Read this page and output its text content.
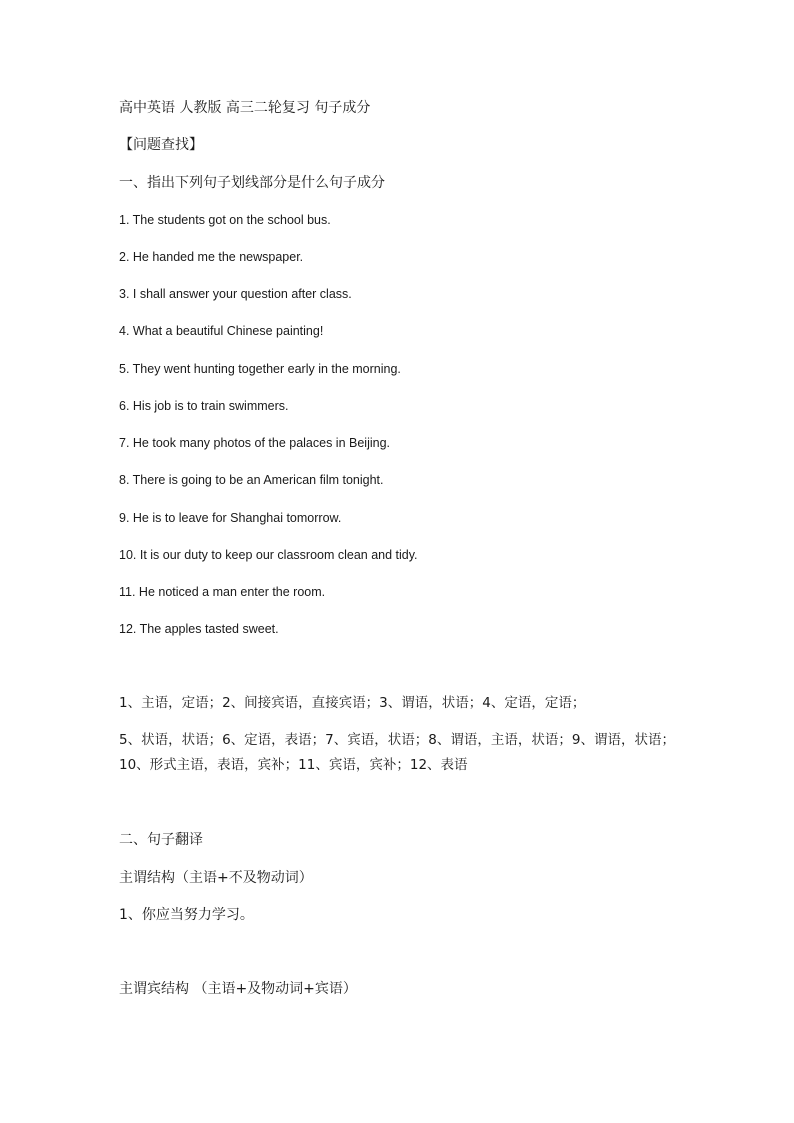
高中英语 人教版 高三二轮复习 句子成分
【问题查找】
一、指出下列句子划线部分是什么句子成分
1. The students got on the school bus.
2. He handed me the newspaper.
3. I shall answer your question after class.
4. What a beautiful Chinese painting!
5. They went hunting together early in the morning.
6. His job is to train swimmers.
7. He took many photos of the palaces in Beijing.
8. There is going to be an American film tonight.
9. He is to leave for Shanghai tomorrow.
10. It is our duty to keep our classroom clean and tidy.
11. He noticed a man enter the room.
12. The apples tasted sweet.
1、主语，定语；2、间接宾语，直接宾语；3、谓语，状语；4、定语，定语；
5、状语，状语；6、定语，表语；7、宾语，状语；8、谓语，主语，状语；9、谓语，状语；
10、形式主语，表语，宾补；11、宾语，宾补；12、表语
二、句子翻译
主谓结构（主语+不及物动词）
1、你应当努力学习。
主谓宾结构 （主语+及物动词+宾语）
